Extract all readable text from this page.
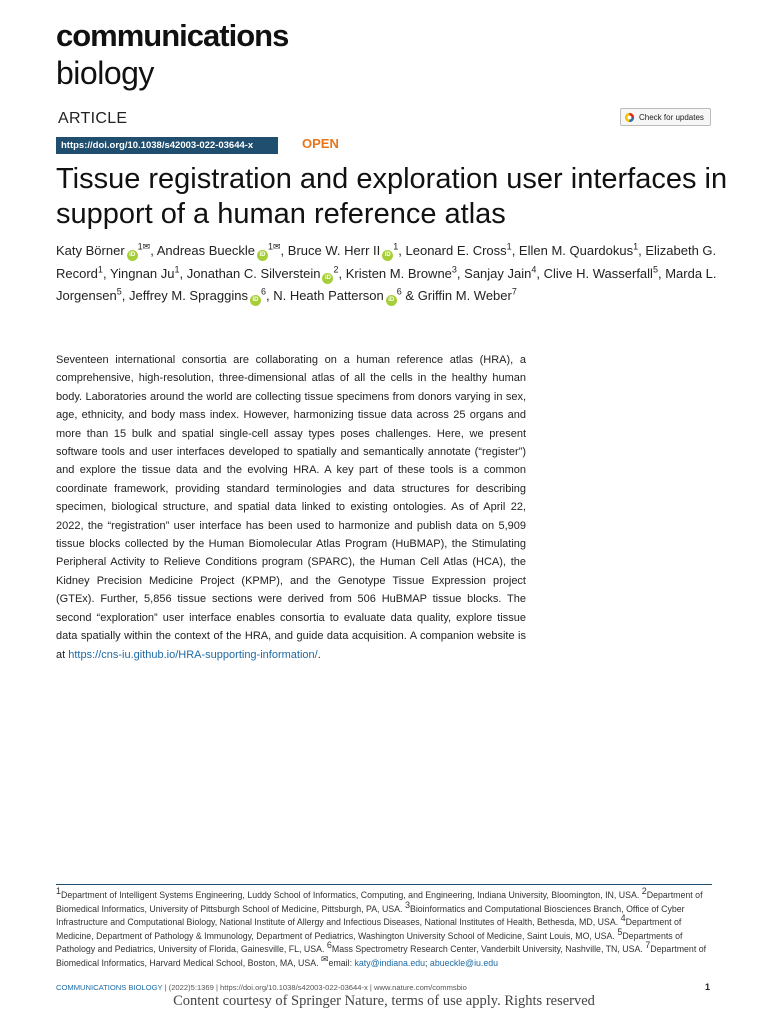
communications
biology
ARTICLE
https://doi.org/10.1038/s42003-022-03644-x	OPEN
Check for updates
Tissue registration and exploration user interfaces in support of a human reference atlas
Katy Börner $iD^{1✉}$, Andreas Bueckle $iD^{1✉}$, Bruce W. Herr II $iD^1$, Leonard E. Cross$^1$, Ellen M. Quardokus$^1$, Elizabeth G. Record$^1$, Yingnan Ju$^1$, Jonathan C. Silverstein $iD^2$, Kristen M. Browne$^3$, Sanjay Jain$^4$, Clive H. Wasserfall$^5$, Marda L. Jorgensen$^5$, Jeffrey M. Spraggins $iD^6$, N. Heath Patterson $iD^6$ & Griffin M. Weber$^7$
Seventeen international consortia are collaborating on a human reference atlas (HRA), a comprehensive, high-resolution, three-dimensional atlas of all the cells in the healthy human body. Laboratories around the world are collecting tissue specimens from donors varying in sex, age, ethnicity, and body mass index. However, harmonizing tissue data across 25 organs and more than 15 bulk and spatial single-cell assay types poses challenges. Here, we present software tools and user interfaces developed to spatially and semantically annotate (“register”) and explore the tissue data and the evolving HRA. A key part of these tools is a common coordinate framework, providing standard terminologies and data structures for describing specimen, biological structure, and spatial data linked to existing ontologies. As of April 22, 2022, the “registration” user interface has been used to harmonize and publish data on 5,909 tissue blocks collected by the Human Biomolecular Atlas Program (HuBMAP), the Stimulating Peripheral Activity to Relieve Conditions program (SPARC), the Human Cell Atlas (HCA), the Kidney Precision Medicine Project (KPMP), and the Genotype Tissue Expression project (GTEx). Further, 5,856 tissue sections were derived from 506 HuBMAP tissue blocks. The second “exploration” user interface enables consortia to evaluate data quality, explore tissue data spatially within the context of the HRA, and guide data acquisition. A companion website is at https://cns-iu.github.io/HRA-supporting-information/.
$^1$Department of Intelligent Systems Engineering, Luddy School of Informatics, Computing, and Engineering, Indiana University, Bloomington, IN, USA. $^2$Department of Biomedical Informatics, University of Pittsburgh School of Medicine, Pittsburgh, PA, USA. $^3$Bioinformatics and Computational Biosciences Branch, Office of Cyber Infrastructure and Computational Biology, National Institute of Allergy and Infectious Diseases, National Institutes of Health, Bethesda, MD, USA. $^4$Department of Medicine, Department of Pathology & Immunology, Department of Pediatrics, Washington University School of Medicine, Saint Louis, MO, USA. $^5$Departments of Pathology and Pediatrics, University of Florida, Gainesville, FL, USA. $^6$Mass Spectrometry Research Center, Vanderbilt University, Nashville, TN, USA. $^7$Department of Biomedical Informatics, Harvard Medical School, Boston, MA, USA. ✉email: katy@indiana.edu; abueckle@iu.edu
COMMUNICATIONS BIOLOGY | (2022)5:1369 | https://doi.org/10.1038/s42003-022-03644-x | www.nature.com/commsbio	1
Content courtesy of Springer Nature, terms of use apply. Rights reserved
